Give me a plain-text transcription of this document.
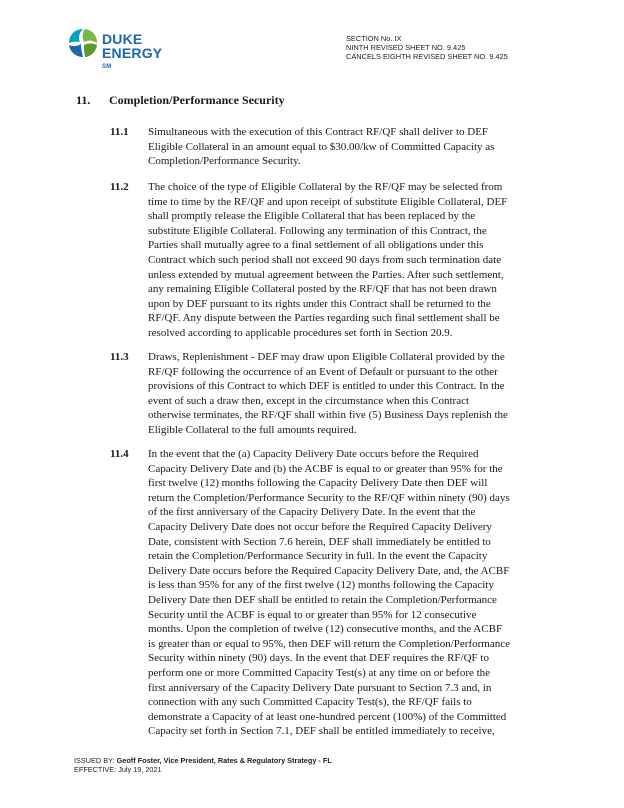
DUKE
ENERGY
SM
SECTION No. IX
NINTH REVISED SHEET NO. 9.425
CANCELS EIGHTH REVISED SHEET NO. 9.425
11. Completion/Performance Security
11.1 Simultaneous with the execution of this Contract RF/QF shall deliver to DEF
Eligible Collateral in an amount equal to $30.00/kw of Committed Capacity as
Completion/Performance Security.
11.2 The choice of the type of Eligible Collateral by the RF/QF may be selected from
time to time by the RF/QF and upon receipt of substitute Eligible Collateral, DEF
shall promptly release the Eligible Collateral that has been replaced by the
substitute Eligible Collateral. Following any termination of this Contract, the
Parties shall mutually agree to a final settlement of all obligations under this
Contract which such period shall not exceed 90 days from such termination date
unless extended by mutual agreement between the Parties. After such settlement,
any remaining Eligible Collateral posted by the RF/QF that has not been drawn
upon by DEF pursuant to its rights under this Contract shall be returned to the
RF/QF. Any dispute between the Parties regarding such final settlement shall be
resolved according to applicable procedures set forth in Section 20.9.
11.3 Draws, Replenishment - DEF may draw upon Eligible Collateral provided by the
RF/QF following the occurrence of an Event of Default or pursuant to the other
provisions of this Contract to which DEF is entitled to under this Contract. In the
event of such a draw then, except in the circumstance when this Contract
otherwise terminates, the RF/QF shall within five (5) Business Days replenish the
Eligible Collateral to the full amounts required.
11.4 In the event that the (a) Capacity Delivery Date occurs before the Required
Capacity Delivery Date and (b) the ACBF is equal to or greater than 95% for the
first twelve (12) months following the Capacity Delivery Date then DEF will
return the Completion/Performance Security to the RF/QF within ninety (90) days
of the first anniversary of the Capacity Delivery Date. In the event that the
Capacity Delivery Date does not occur before the Required Capacity Delivery
Date, consistent with Section 7.6 herein, DEF shall immediately be entitled to
retain the Completion/Performance Security in full. In the event the Capacity
Delivery Date occurs before the Required Capacity Delivery Date, and, the ACBF
is less than 95% for any of the first twelve (12) months following the Capacity
Delivery Date then DEF shall be entitled to retain the Completion/Performance
Security until the ACBF is equal to or greater than 95% for 12 consecutive
months. Upon the completion of twelve (12) consecutive months, and the ACBF
is greater than or equal to 95%, then DEF will return the Completion/Performance
Security within ninety (90) days. In the event that DEF requires the RF/QF to
perform one or more Committed Capacity Test(s) at any time on or before the
first anniversary of the Capacity Delivery Date pursuant to Section 7.3 and, in
connection with any such Committed Capacity Test(s), the RF/QF fails to
demonstrate a Capacity of at least one-hundred percent (100%) of the Committed
Capacity set forth in Section 7.1, DEF shall be entitled immediately to receive,
ISSUED BY: Geoff Foster, Vice President, Rates & Regulatory Strategy - FL
EFFECTIVE: July 19, 2021
